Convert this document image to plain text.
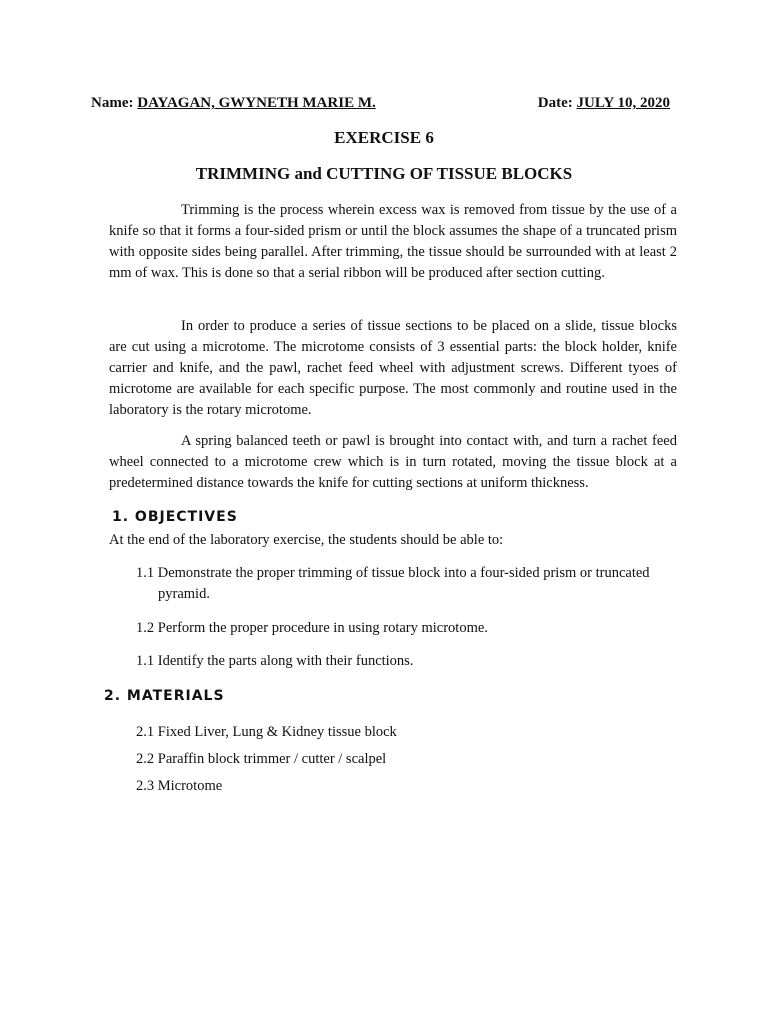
Name: DAYAGAN, GWYNETH MARIE M.	Date: JULY 10, 2020
EXERCISE 6
TRIMMING and CUTTING OF TISSUE BLOCKS

Trimming is the process wherein excess wax is removed from tissue by the use of a knife so that it forms a four-sided prism or until the block assumes the shape of a truncated prism with opposite sides being parallel. After trimming, the tissue should be surrounded with at least 2 mm of wax. This is done so that a serial ribbon will be produced after section cutting.

In order to produce a series of tissue sections to be placed on a slide, tissue blocks are cut using a microtome. The microtome consists of 3 essential parts: the block holder, knife carrier and knife, and the pawl, rachet feed wheel with adjustment screws. Different tyoes of microtome are available for each specific purpose. The most commonly and routine used in the laboratory is the rotary microtome.

A spring balanced teeth or pawl is brought into contact with, and turn a rachet feed wheel connected to a microtome crew which is in turn rotated, moving the tissue block at a predetermined distance towards the knife for cutting sections at uniform thickness.

1. OBJECTIVES

At the end of the laboratory exercise, the students should be able to:

1.1 Demonstrate the proper trimming of tissue block into a four-sided prism or truncated pyramid.

1.2 Perform the proper procedure in using rotary microtome.

1.1 Identify the parts along with their functions.

2. MATERIALS

2.1 Fixed Liver, Lung & Kidney tissue block

2.2 Paraffin block trimmer / cutter / scalpel

2.3 Microtome
